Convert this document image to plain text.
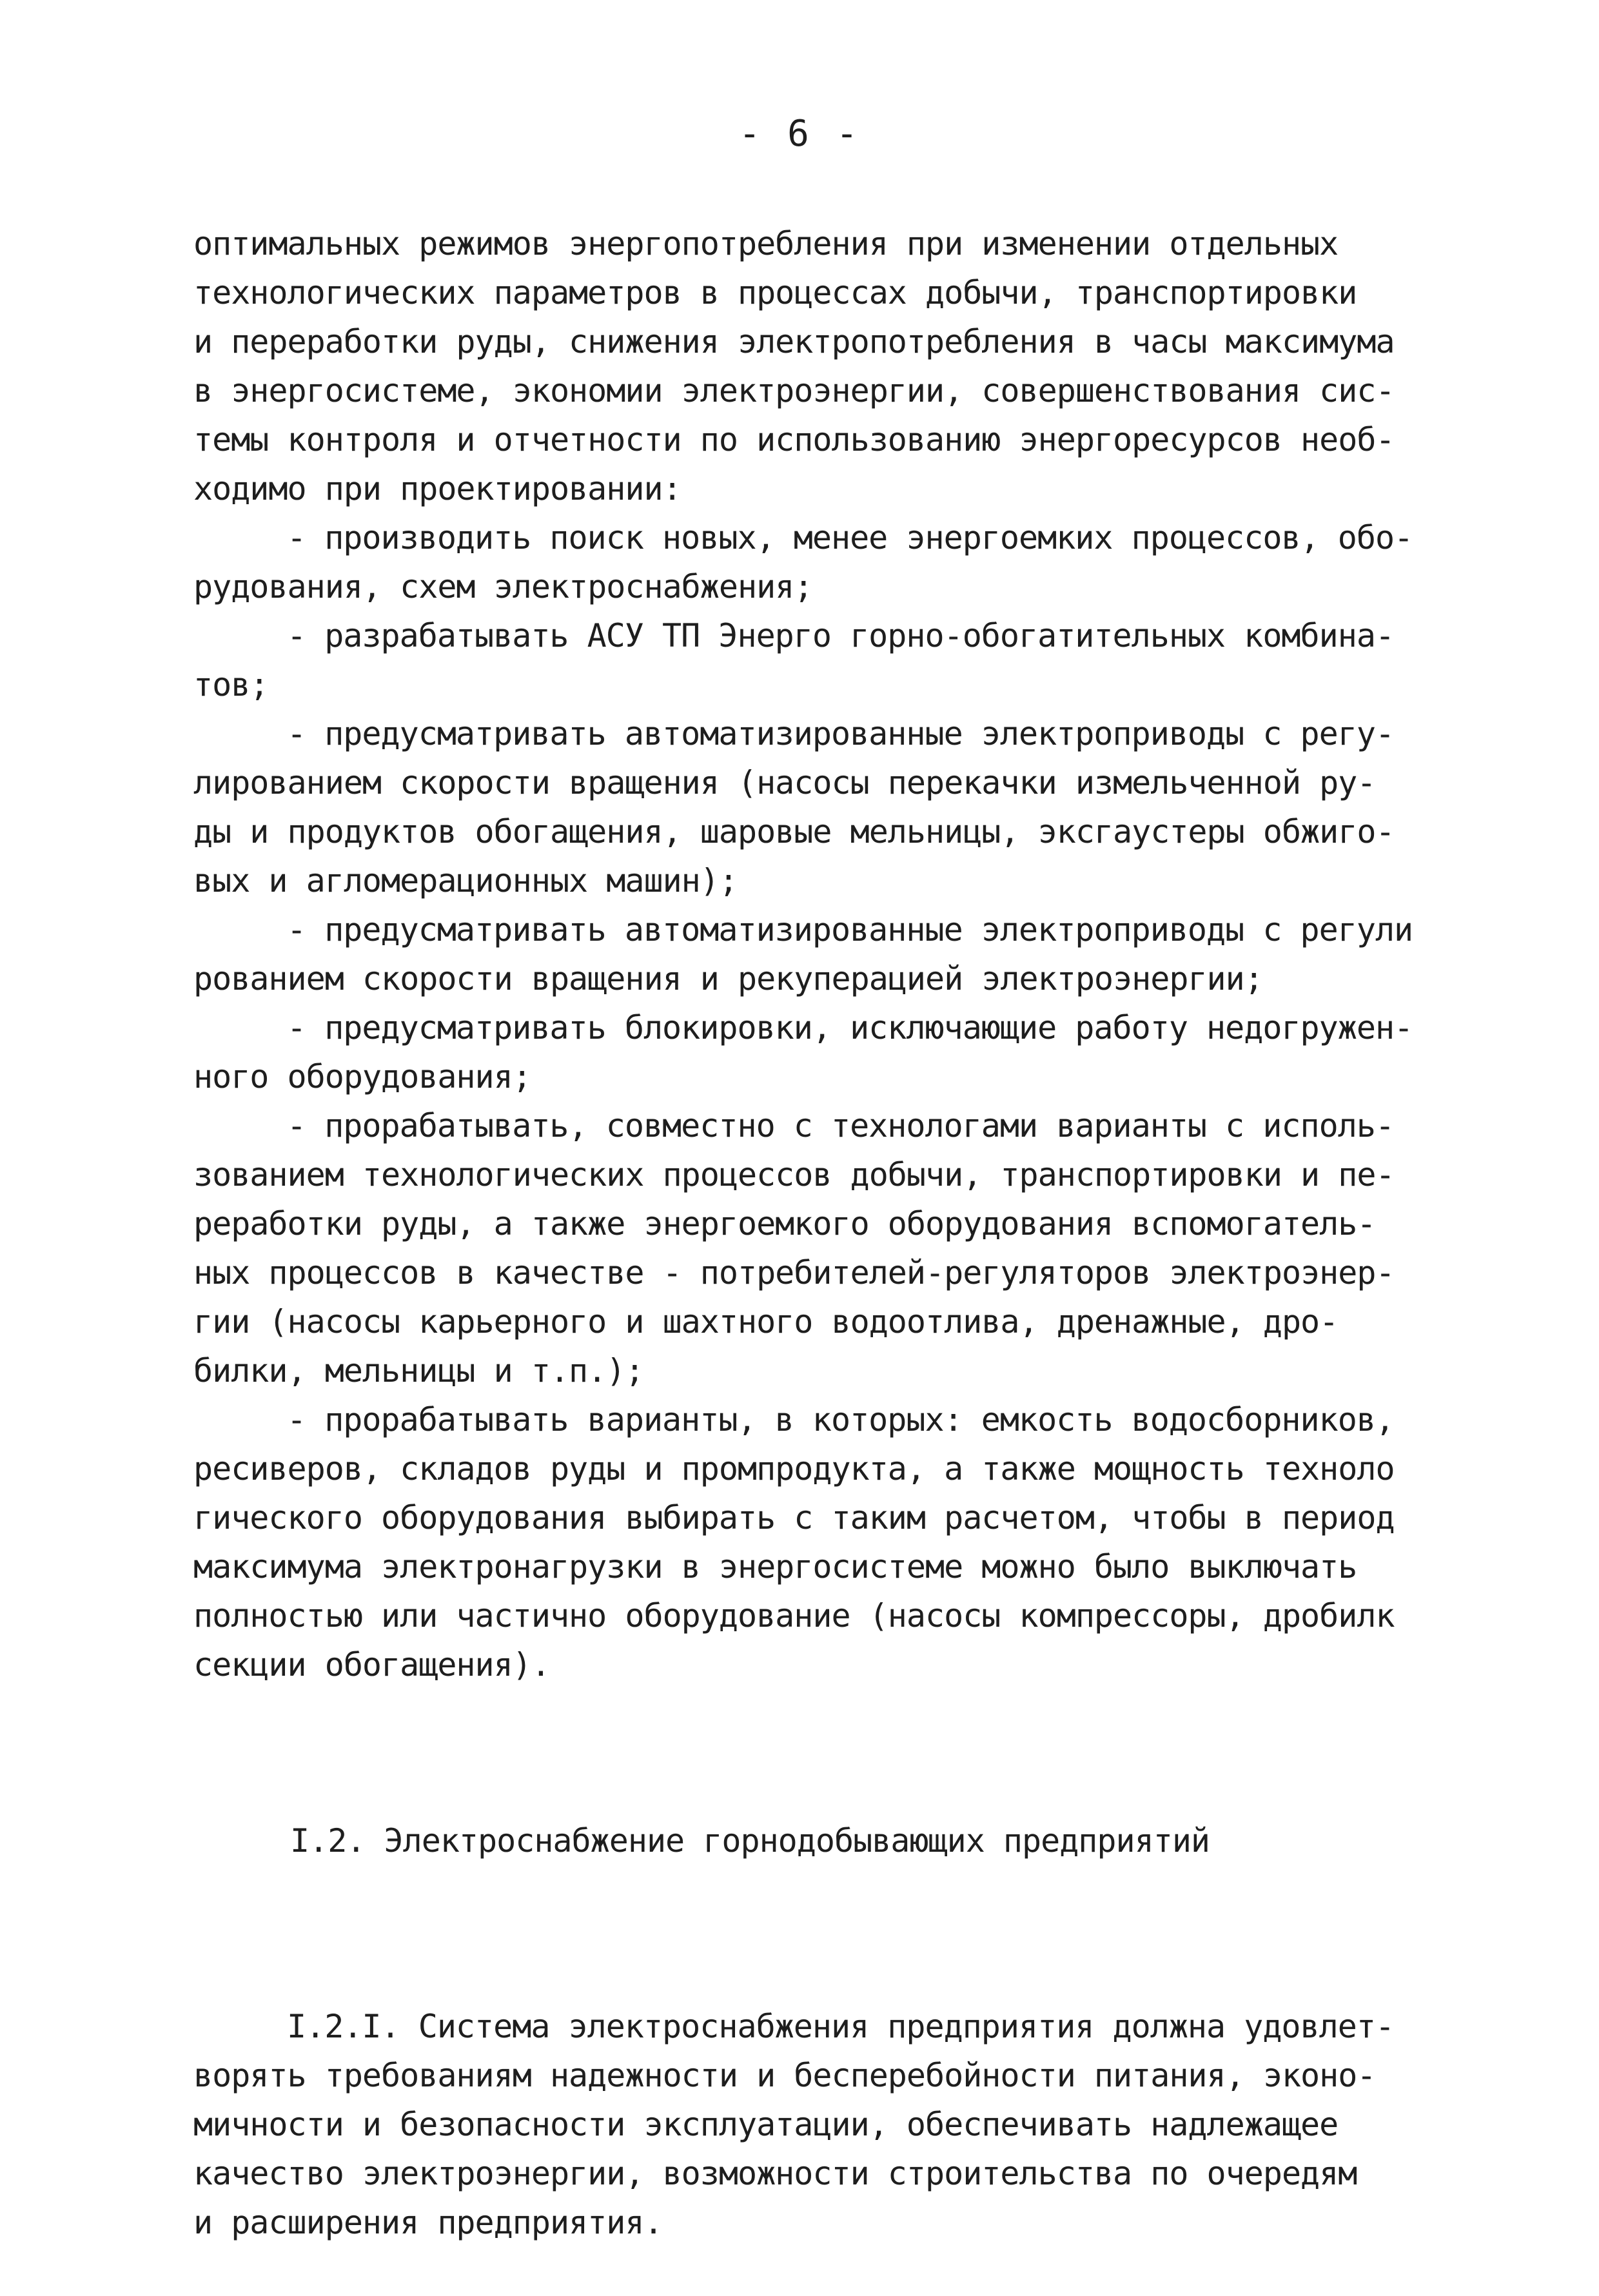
- 6 -
оптимальных режимов энергопотребления при изменении отдельных
технологических параметров в процессах добычи, транспортировки
и переработки руды, снижения электропотребления в часы максимума
в энергосистеме, экономии электроэнергии, совершенствования сис-
темы контроля и отчетности по использованию энергоресурсов необ-
ходимо при проектировании:
- производить поиск новых, менее энергоемких процессов, обо-
рудования, схем электроснабжения;
- разрабатывать АСУ ТП Энерго горно-обогатительных комбина-
тов;
- предусматривать автоматизированные электроприводы с регу-
лированием скорости вращения (насосы перекачки измельченной ру-
ды и продуктов обогащения, шаровые мельницы, эксгаустеры обжиго-
вых и агломерационных машин);
- предусматривать автоматизированные электроприводы с регули
рованием скорости вращения и рекуперацией электроэнергии;
- предусматривать блокировки, исключающие работу недогружен-
ного оборудования;
- прорабатывать, совместно с технологами варианты с исполь-
зованием технологических процессов добычи, транспортировки и пе-
реработки руды, а также энергоемкого оборудования вспомогатель-
ных процессов в качестве - потребителей-регуляторов электроэнер-
гии (насосы карьерного и шахтного водоотлива, дренажные, дро-
билки, мельницы и т.п.);
- прорабатывать варианты, в которых: емкость водосборников,
ресиверов, складов руды и промпродукта, а также мощность техноло
гического оборудования выбирать с таким расчетом, чтобы в период
максимума электронагрузки в энергосистеме можно было выключать
полностью или частично оборудование (насосы компрессоры, дробилк
секции обогащения).

I.2. Электроснабжение горнодобывающих предприятий

I.2.I. Система электроснабжения предприятия должна удовлет-
ворять требованиям надежности и бесперебойности питания, эконо-
мичности и безопасности эксплуатации, обеспечивать надлежащее
качество электроэнергии, возможности строительства по очередям
и расширения предприятия.
